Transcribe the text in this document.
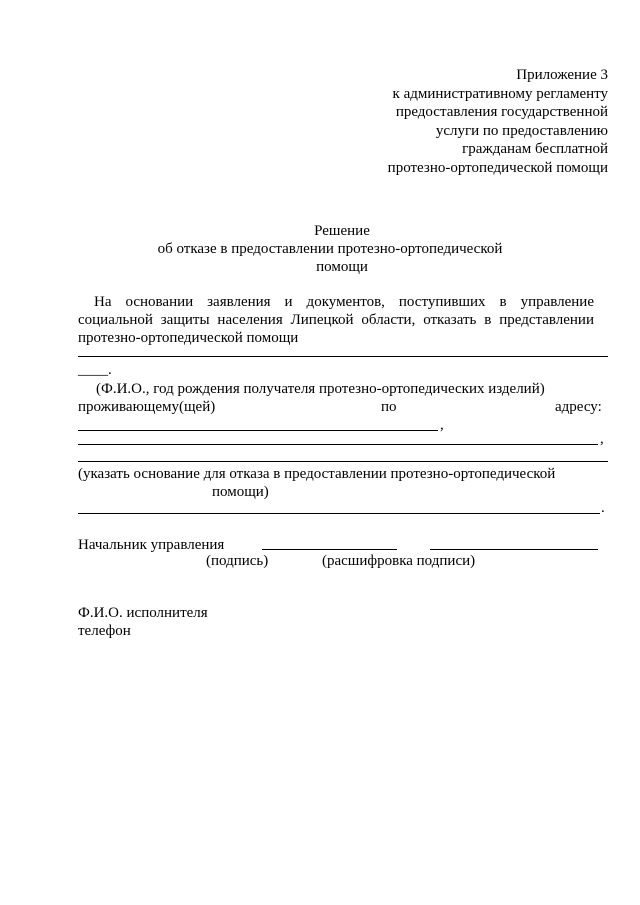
Приложение 3
к административному регламенту
предоставления государственной
услуги по предоставлению
гражданам бесплатной
протезно-ортопедической помощи
Решение
об отказе в предоставлении протезно-ортопедической
помощи
На основании заявления и документов, поступивших в управление
социальной защиты населения Липецкой области, отказать в представлении
протезно-ортопедической помощи
____.
(Ф.И.О., год рождения получателя протезно-ортопедических изделий)
проживающему(щей)	по	адресу:
,
,
(указать основание для отказа в предоставлении протезно-ортопедической
помощи)
.
Начальник управления
(подпись)	(расшифровка подписи)
Ф.И.О. исполнителя
телефон
